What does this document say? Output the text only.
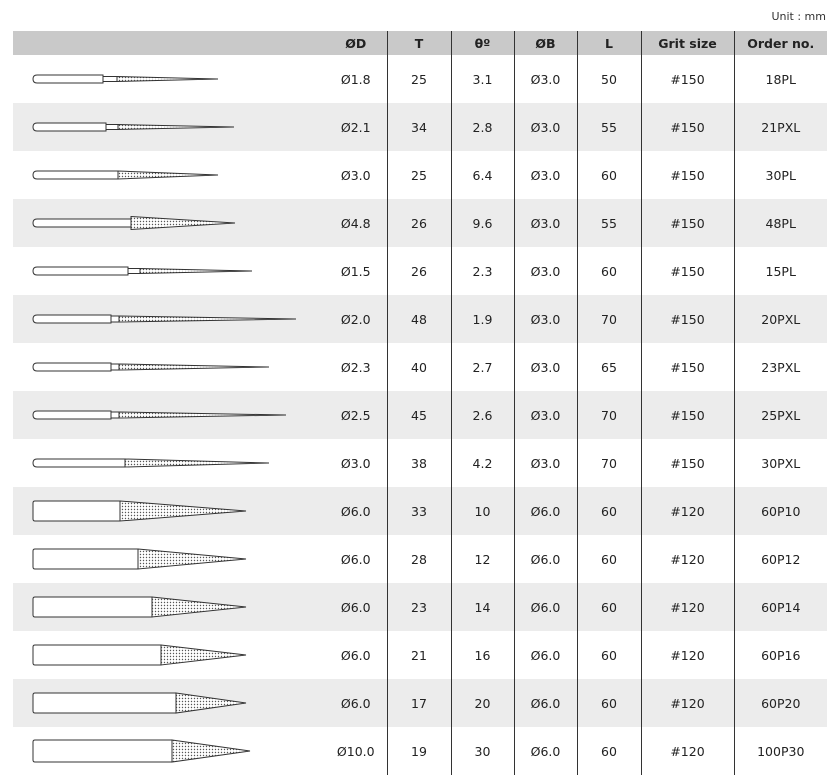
Unit : mm
	ØD	T	θº	ØB	L	Grit size	Order no.

	Ø1.8	25	3.1	Ø3.0	50	#150	18PL

	Ø2.1	34	2.8	Ø3.0	55	#150	21PXL

	Ø3.0	25	6.4	Ø3.0	60	#150	30PL

	Ø4.8	26	9.6	Ø3.0	55	#150	48PL

	Ø1.5	26	2.3	Ø3.0	60	#150	15PL

	Ø2.0	48	1.9	Ø3.0	70	#150	20PXL

	Ø2.3	40	2.7	Ø3.0	65	#150	23PXL

	Ø2.5	45	2.6	Ø3.0	70	#150	25PXL

	Ø3.0	38	4.2	Ø3.0	70	#150	30PXL

	Ø6.0	33	10	Ø6.0	60	#120	60P10

	Ø6.0	28	12	Ø6.0	60	#120	60P12

	Ø6.0	23	14	Ø6.0	60	#120	60P14

	Ø6.0	21	16	Ø6.0	60	#120	60P16

	Ø6.0	17	20	Ø6.0	60	#120	60P20

	Ø10.0	19	30	Ø6.0	60	#120	100P30
